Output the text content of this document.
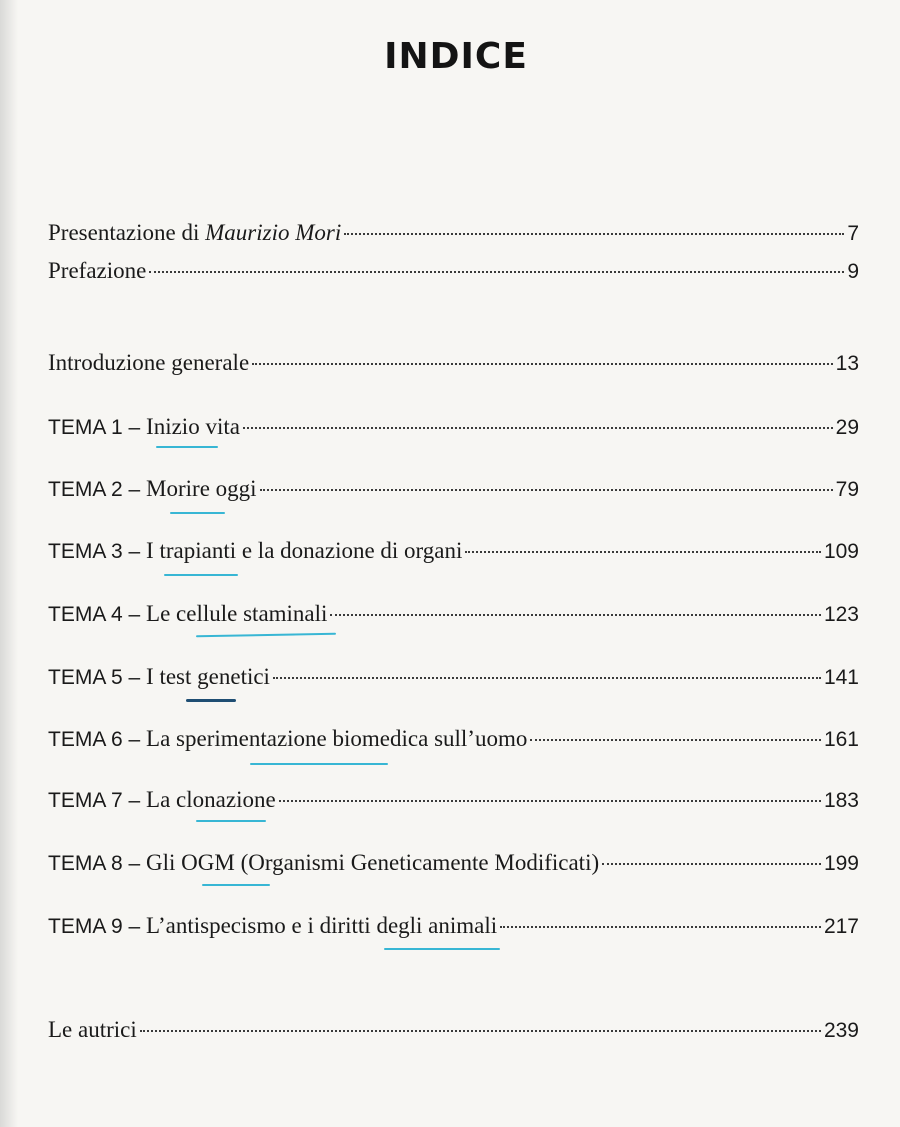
INDICE
Presentazione di Maurizio Mori	7
Prefazione	9
Introduzione generale	13
TEMA 1 – Inizio vita	29
TEMA 2 – Morire oggi	79
TEMA 3 – I trapianti e la donazione di organi	109
TEMA 4 – Le cellule staminali	123
TEMA 5 – I test genetici	141
TEMA 6 – La sperimentazione biomedica sull’uomo	161
TEMA 7 – La clonazione	183
TEMA 8 – Gli OGM (Organismi Geneticamente Modificati)	199
TEMA 9 – L’antispecismo e i diritti degli animali	217
Le autrici	239
